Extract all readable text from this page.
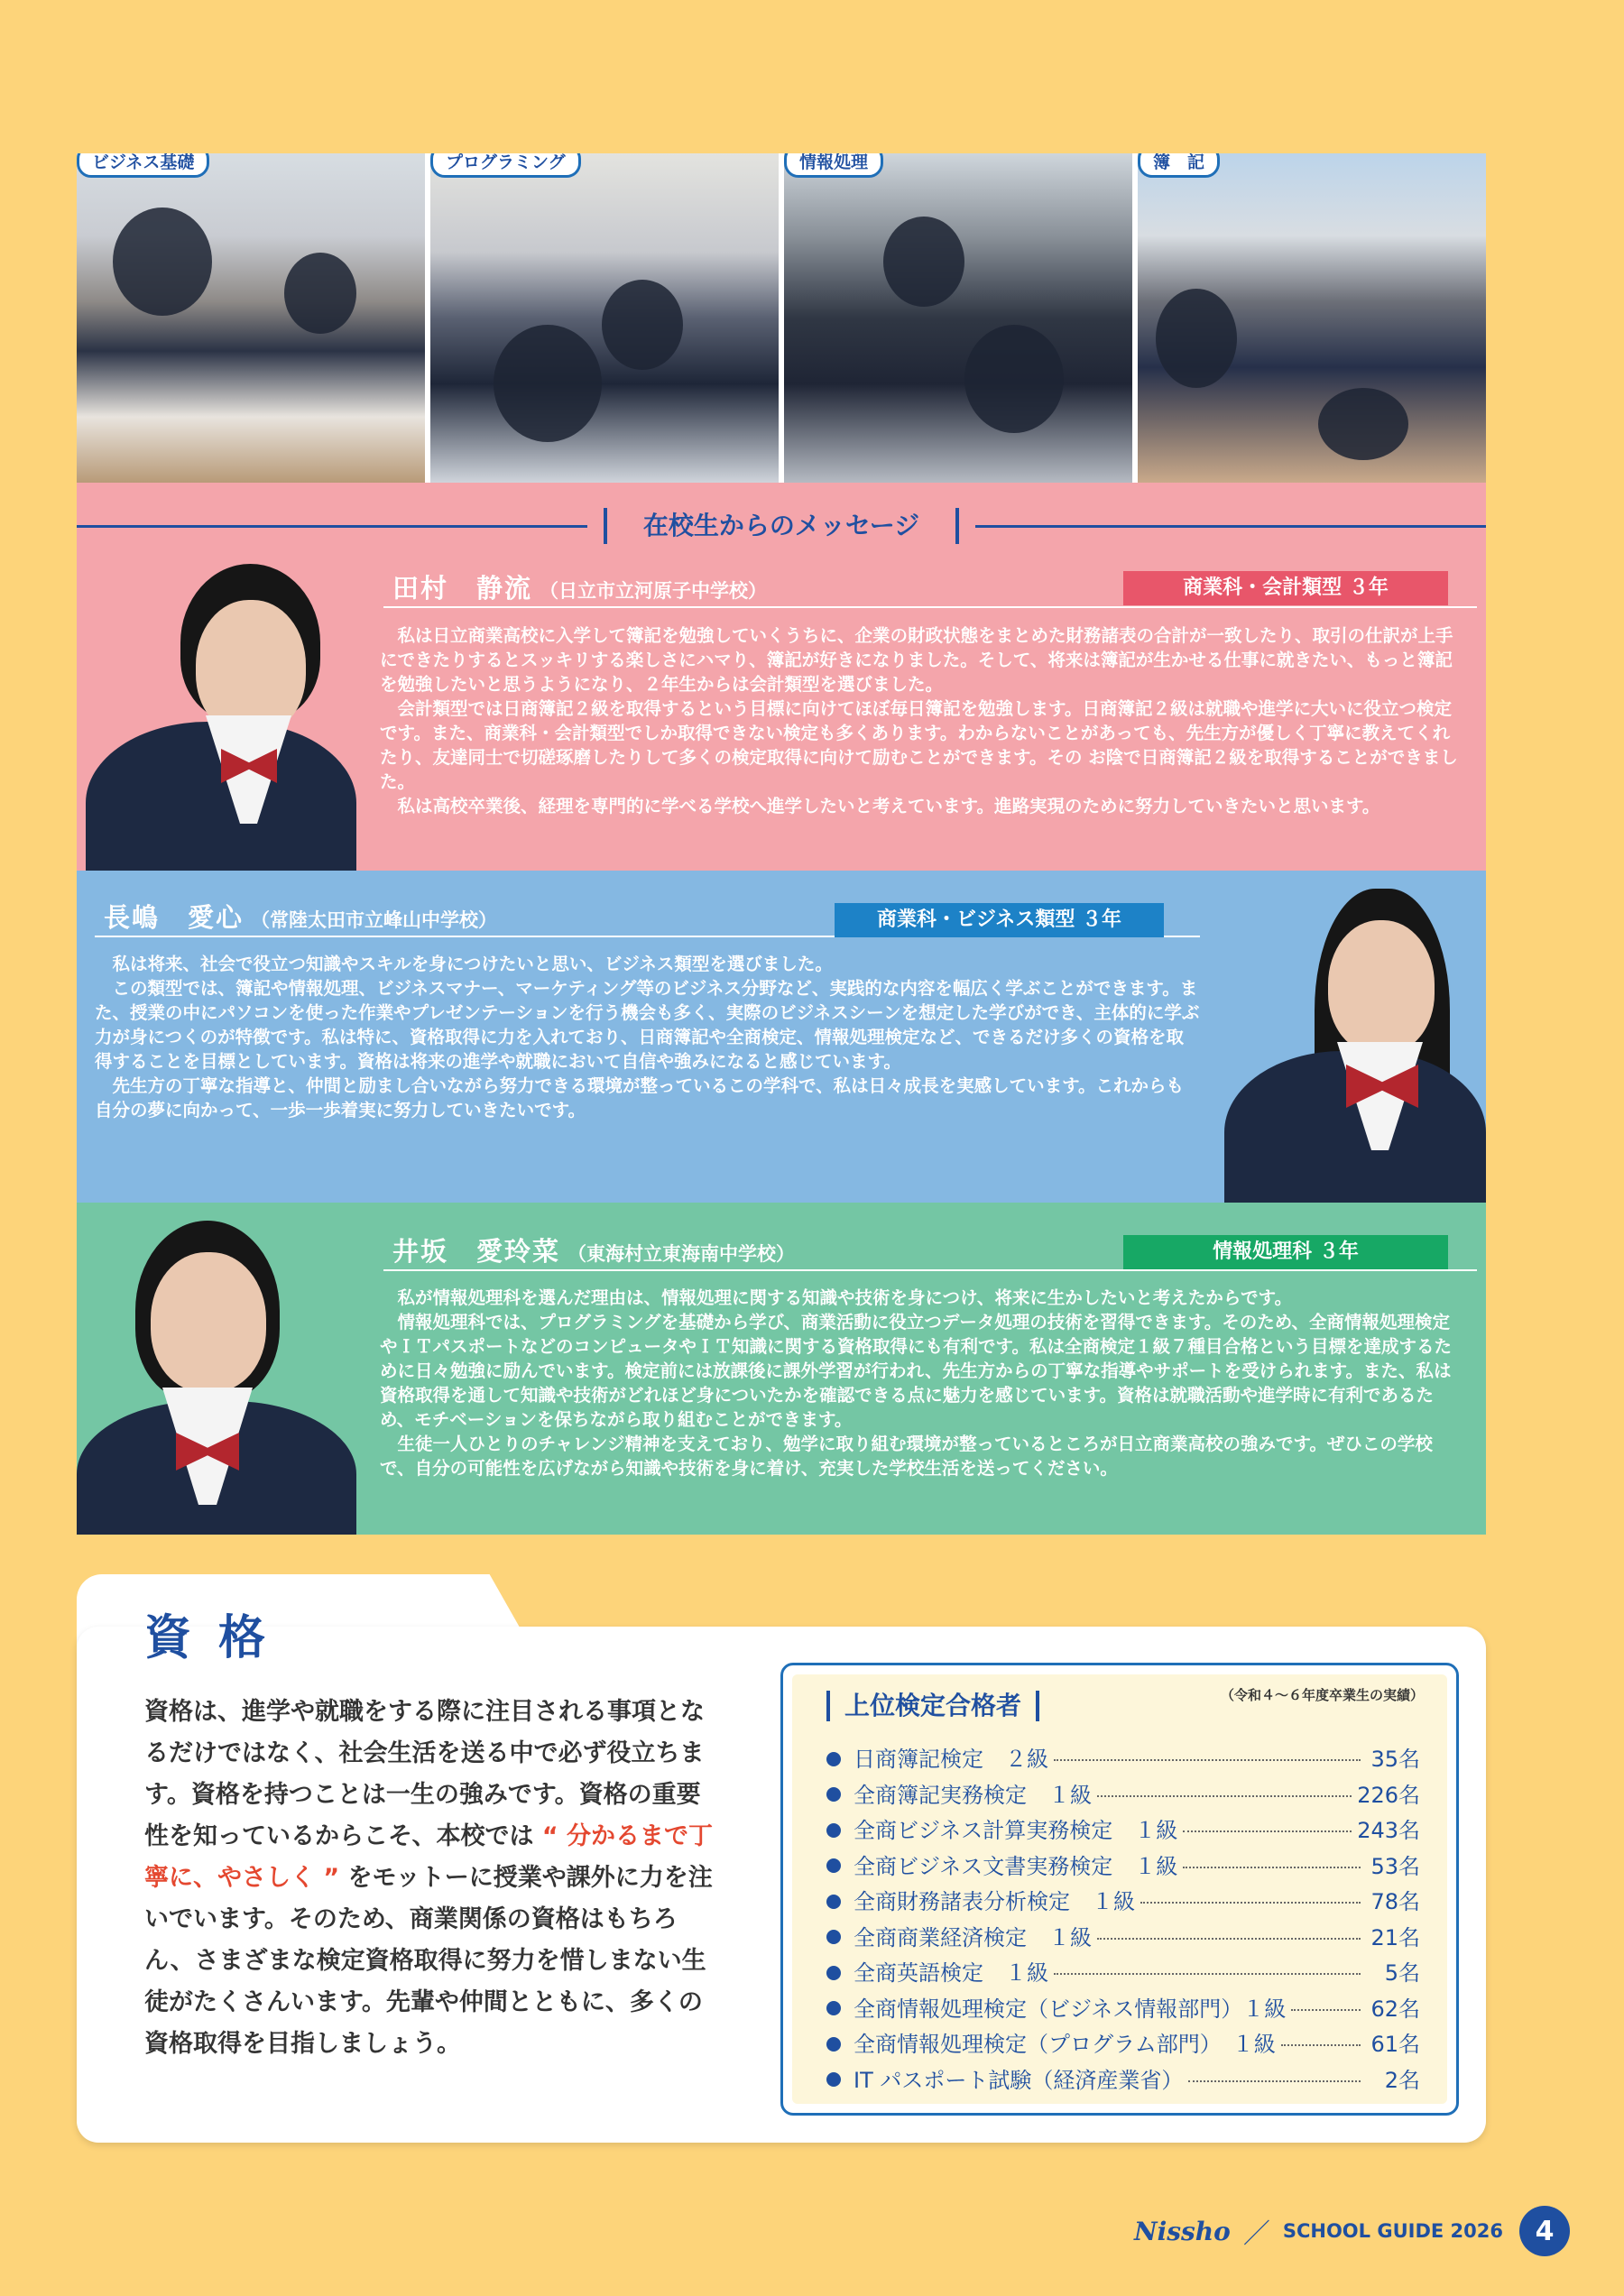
ビジネス基礎	プログラミング	情報処理	簿　記
在校生からのメッセージ
田村　静流 （日立市立河原子中学校）	商業科・会計類型 ３年

私は日立商業高校に入学して簿記を勉強していくうちに、企業の財政状態をまとめた財務諸表の合計が一致したり、取引の仕訳が上手にできたりするとスッキリする楽しさにハマり、簿記が好きになりました。そして、将来は簿記が生かせる仕事に就きたい、もっと簿記を勉強したいと思うようになり、２年生からは会計類型を選びました。

会計類型では日商簿記２級を取得するという目標に向けてほぼ毎日簿記を勉強します。日商簿記２級は就職や進学に大いに役立つ検定です。また、商業科・会計類型でしか取得できない検定も多くあります。わからないことがあっても、先生方が優しく丁寧に教えてくれたり、友達同士で切磋琢磨したりして多くの検定取得に向けて励むことができます。その お陰で日商簿記２級を取得することができました。

私は高校卒業後、経理を専門的に学べる学校へ進学したいと考えています。進路実現のために努力していきたいと思います。

長嶋　愛心 （常陸太田市立峰山中学校）	商業科・ビジネス類型 ３年

私は将来、社会で役立つ知識やスキルを身につけたいと思い、ビジネス類型を選びました。

この類型では、簿記や情報処理、ビジネスマナー、マーケティング等のビジネス分野など、実践的な内容を幅広く学ぶことができます。また、授業の中にパソコンを使った作業やプレゼンテーションを行う機会も多く、実際のビジネスシーンを想定した学びができ、主体的に学ぶ力が身につくのが特徴です。私は特に、資格取得に力を入れており、日商簿記や全商検定、情報処理検定など、できるだけ多くの資格を取得することを目標としています。資格は将来の進学や就職において自信や強みになると感じています。

先生方の丁寧な指導と、仲間と励まし合いながら努力できる環境が整っているこの学科で、私は日々成長を実感しています。これからも自分の夢に向かって、一歩一歩着実に努力していきたいです。

井坂　愛玲菜 （東海村立東海南中学校）	情報処理科 ３年

私が情報処理科を選んだ理由は、情報処理に関する知識や技術を身につけ、将来に生かしたいと考えたからです。

情報処理科では、プログラミングを基礎から学び、商業活動に役立つデータ処理の技術を習得できます。そのため、全商情報処理検定やＩＴパスポートなどのコンピュータやＩＴ知識に関する資格取得にも有利です。私は全商検定１級７種目合格という目標を達成するために日々勉強に励んでいます。検定前には放課後に課外学習が行われ、先生方からの丁寧な指導やサポートを受けられます。また、私は資格取得を通して知識や技術がどれほど身についたかを確認できる点に魅力を感じています。資格は就職活動や進学時に有利であるため、モチベーションを保ちながら取り組むことができます。

生徒一人ひとりのチャレンジ精神を支えており、勉学に取り組む環境が整っているところが日立商業高校の強みです。ぜひこの学校で、自分の可能性を広げながら知識や技術を身に着け、充実した学校生活を送ってください。

資格
資格は、進学や就職をする際に注目される事項となるだけではなく、社会生活を送る中で必ず役立ちます。資格を持つことは一生の強みです。資格の重要性を知っているからこそ、本校では “ 分かるまで丁寧に、やさしく ” をモットーに授業や課外に力を注いでいます。そのため、商業関係の資格はもちろん、さまざまな検定資格取得に努力を惜しまない生徒がたくさんいます。先輩や仲間とともに、多くの資格取得を目指しましょう。
上位検定合格者	（令和４～６年度卒業生の実績）
日商簿記検定　２級	35名
全商簿記実務検定　１級	226名
全商ビジネス計算実務検定　１級	243名
全商ビジネス文書実務検定　１級	53名
全商財務諸表分析検定　１級	78名
全商商業経済検定　１級	21名
全商英語検定　１級	5名
全商情報処理検定（ビジネス情報部門）１級	62名
全商情報処理検定（プログラム部門）　１級	61名
IT パスポート試験（経済産業省）	2名
Nissho ／ SCHOOL GUIDE 2026	4
